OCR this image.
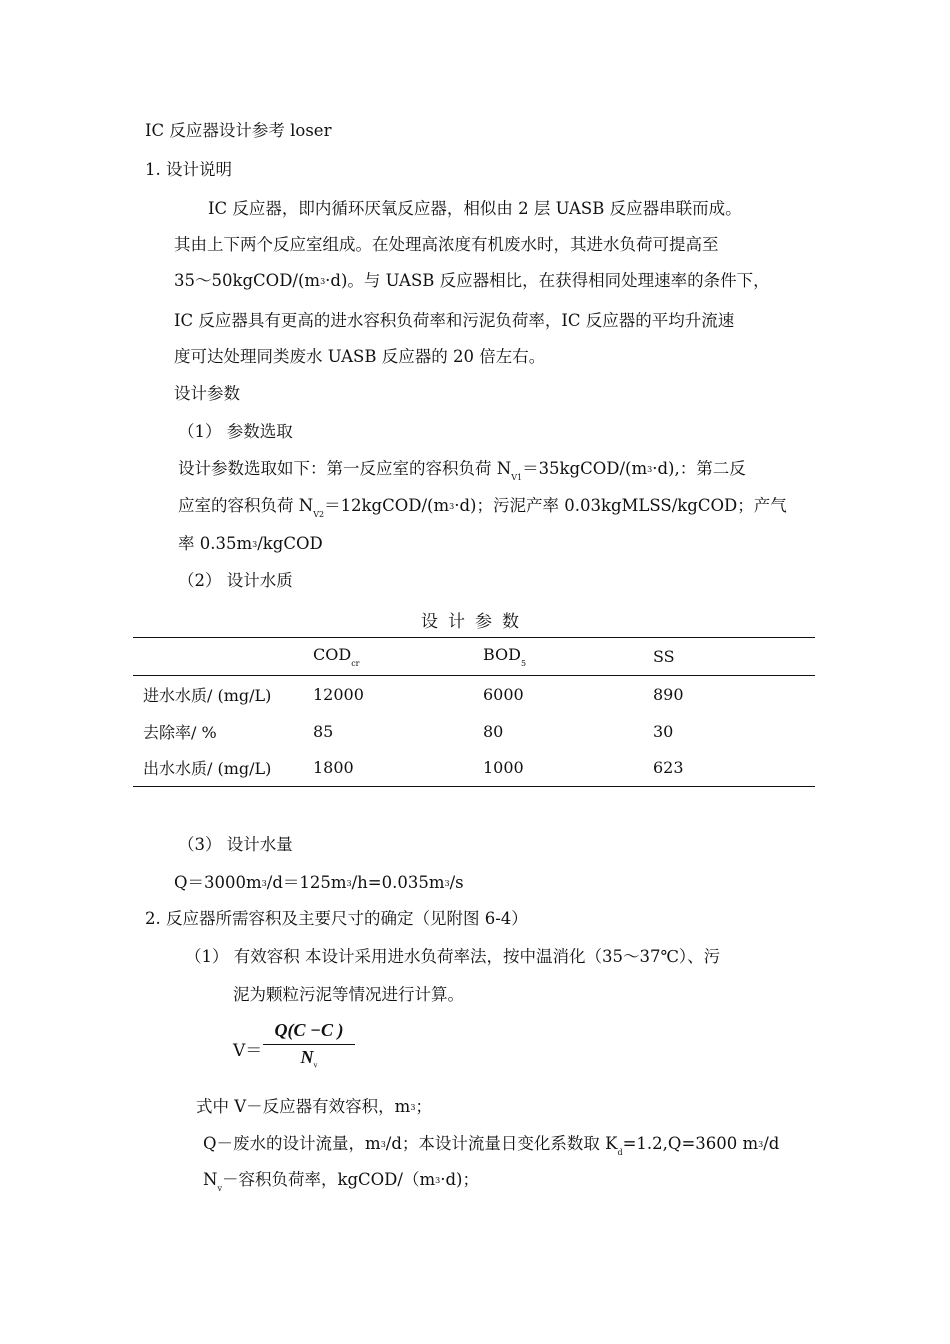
IC 反应器设计参考 loser
1. 设计说明
IC 反应器，即内循环厌氧反应器，相似由 2 层 UASB 反应器串联而成。
其由上下两个反应室组成。在处理高浓度有机废水时，其进水负荷可提高至
$35\sim 50kgCOD/(m^3\cdot d)$。与 UASB 反应器相比，在获得相同处理速率的条件下，
IC 反应器具有更高的进水容积负荷率和污泥负荷率，IC 反应器的平均升流速
度可达处理同类废水 UASB 反应器的 20 倍左右。
设计参数
（1） 参数选取
设计参数选取如下：第一反应室的容积负荷 $N_{V1}=35kgCOD/(m^3\cdot d)$,：第二反
应室的容积负荷 $N_{V2}=12kgCOD/(m^3\cdot d)$；污泥产率 0.03kgMLSS/kgCOD；产气
率 $0.35m^3$/kgCOD
（2） 设计水质
设计参数
	$COD_{cr}$	$BOD_5$	SS
进水水质/ (mg/L)	12000	6000	890
去除率/ %	85	80	30
出水水质/ (mg/L)	1800	1000	623
（3） 设计水量
$Q=3000m^3/d=125m^3/h=0.035m^3/s$
2. 反应器所需容积及主要尺寸的确定（见附图 6-4）
（1） 有效容积 本设计采用进水负荷率法，按中温消化（35～37℃）、污
泥为颗粒污泥等情况进行计算。
$V= \frac{Q(C -C )}{N_v}$
式中 V－反应器有效容积，$m^3$；
Q－废水的设计流量，$m^3/d$；本设计流量日变化系数取 $K_d=1.2,Q=3600$ $m^3/d$
$N_v-$容积负荷率，kgCOD/$(m^3\cdot d)$；
